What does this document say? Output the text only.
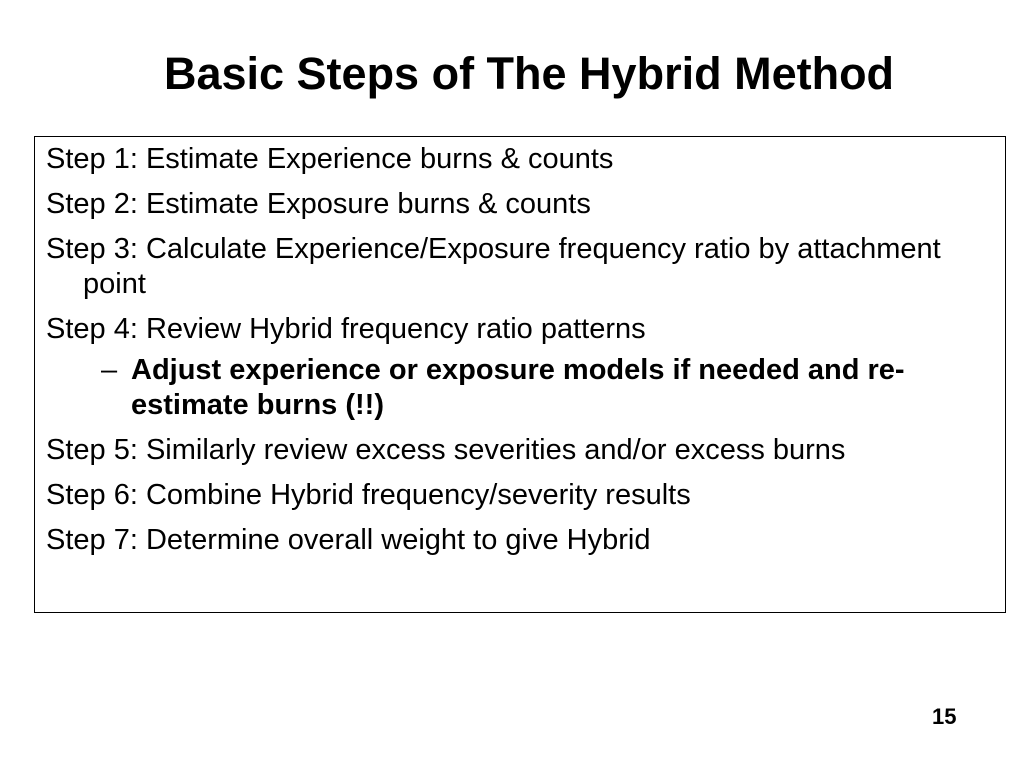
Basic Steps of The Hybrid Method
Step 1: Estimate Experience burns & counts
Step 2: Estimate Exposure burns & counts
Step 3: Calculate Experience/Exposure frequency ratio by attachment point
Step 4: Review Hybrid frequency ratio patterns
– Adjust experience or exposure models if needed and re-estimate burns (!!)
Step 5: Similarly review excess severities and/or excess burns
Step 6: Combine Hybrid frequency/severity results
Step 7: Determine overall weight to give Hybrid
15
